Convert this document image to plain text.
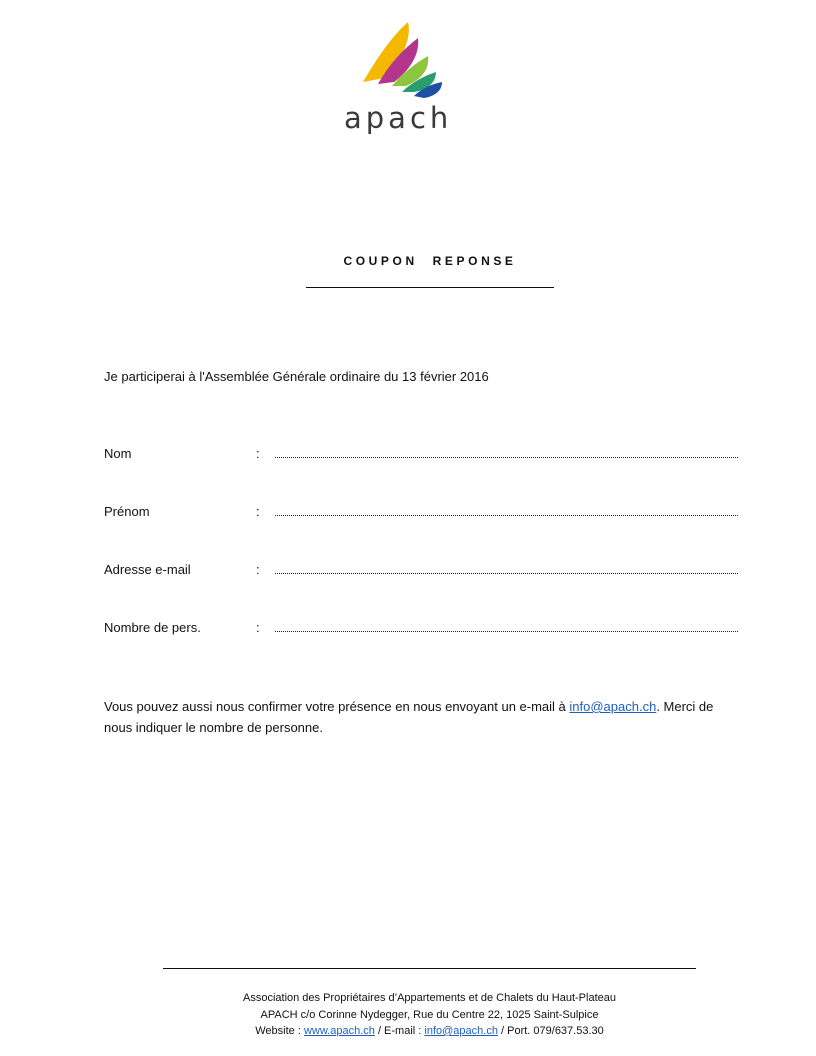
apach
COUPON REPONSE
Je participerai à l'Assemblée Générale ordinaire du 13 février 2016
Nom	:
Prénom	:
Adresse e-mail	:
Nombre de pers.	:
Vous pouvez aussi nous confirmer votre présence en nous envoyant un e-mail à info@apach.ch. Merci de nous indiquer le nombre de personne.
Association des Propriétaires d’Appartements et de Chalets du Haut-Plateau
APACH c/o Corinne Nydegger, Rue du Centre 22, 1025 Saint-Sulpice
Website : www.apach.ch / E-mail : info@apach.ch / Port. 079/637.53.30
